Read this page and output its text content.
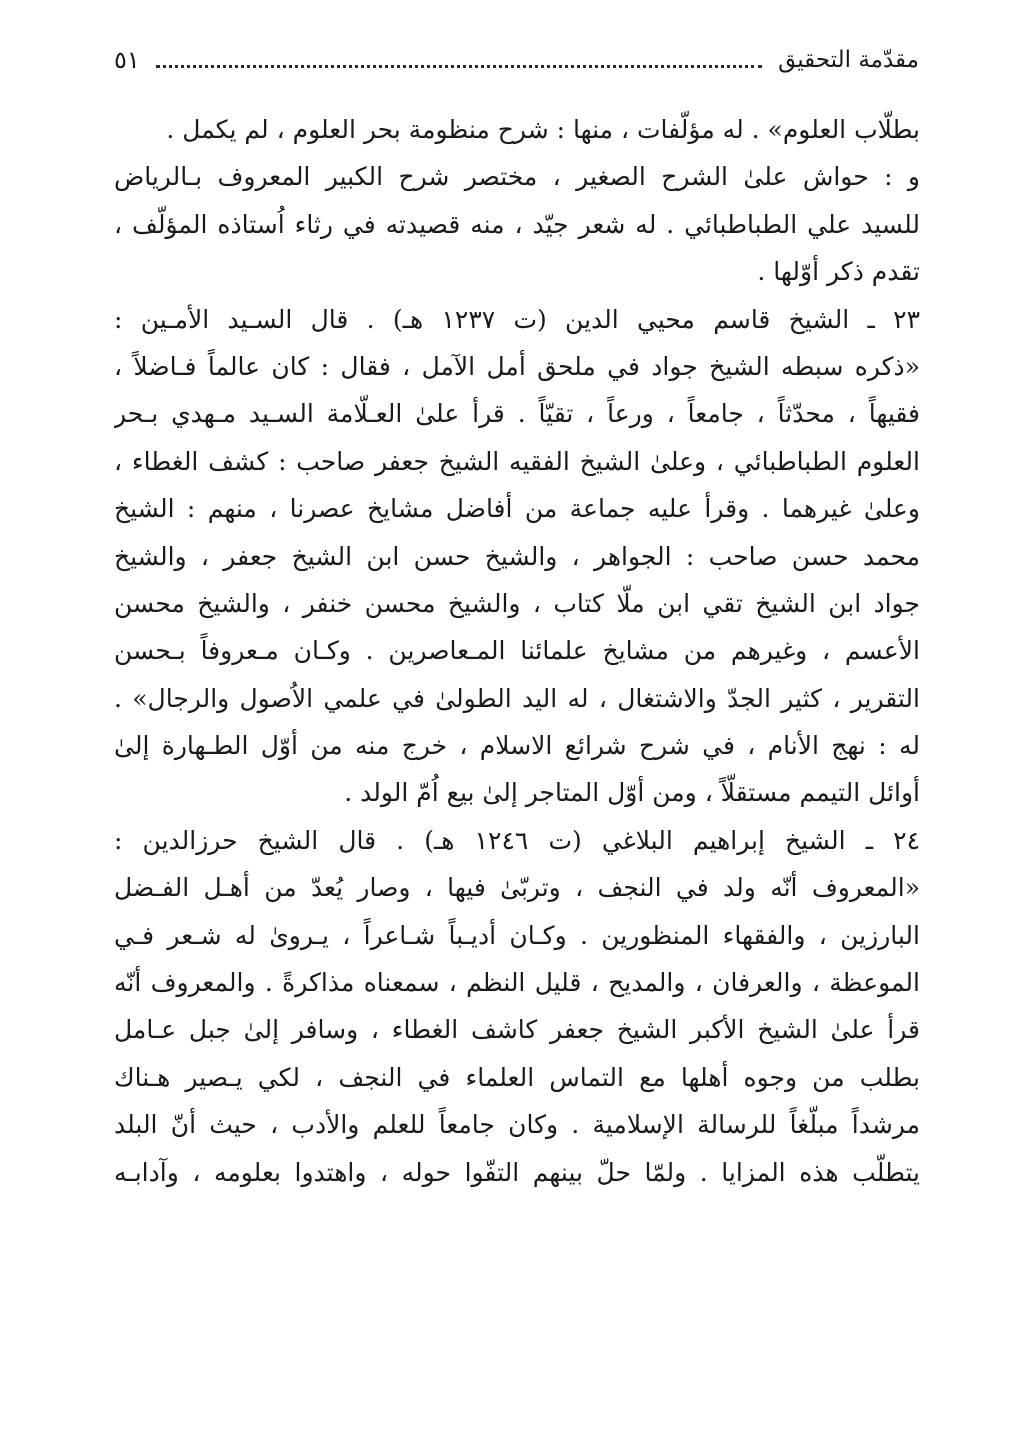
مقدّمة التحقيق
٥١
بطلّاب العلوم» . له مؤلّفات ، منها : شرح منظومة بحر العلوم ، لم يكمل .
و : حواش علىٰ الشرح الصغير ، مختصر شرح الكبير المعروف بـالرياض
للسيد علي الطباطبائي . له شعر جيّد ، منه قصيدته في رثاء اُستاذه المؤلّف ،
تقدم ذكر أوّلها .
٢٣ ـ الشيخ قاسم محيي الدين (ت ١٢٣٧ هـ) . قال السـيد الأمـين :
«ذكره سبطه الشيخ جواد في ملحق أمل الآمل ، فقال : كان عالماً فـاضلاً ،
فقيهاً ، محدّثاً ، جامعاً ، ورعاً ، تقيّاً . قرأ علىٰ العـلّامة السـيد مـهدي بـحر
العلوم الطباطبائي ، وعلىٰ الشيخ الفقيه الشيخ جعفر صاحب : كشف الغطاء ،
وعلىٰ غيرهما . وقرأ عليه جماعة من أفاضل مشايخ عصرنا ، منهم : الشيخ
محمد حسن صاحب : الجواهر ، والشيخ حسن ابن الشيخ جعفر ، والشيخ
جواد ابن الشيخ تقي ابن ملّا كتاب ، والشيخ محسن خنفر ، والشيخ محسن
الأعسم ، وغيرهم من مشايخ علمائنا المـعاصرين . وكـان مـعروفاً بـحسن
التقرير ، كثير الجدّ والاشتغال ، له اليد الطولىٰ في علمي الاُصول والرجال» .
له : نهج الأنام ، في شرح شرائع الاسلام ، خرج منه من أوّل الطـهارة إلىٰ
أوائل التيمم مستقلّاً ، ومن أوّل المتاجر إلىٰ بيع اُمّ الولد .
٢٤ ـ الشيخ إبراهيم البلاغي (ت ١٢٤٦ هـ) . قال الشيخ حرزالدين :
«المعروف أنّه ولد في النجف ، وتربّىٰ فيها ، وصار يُعدّ من أهـل الفـضل
البارزين ، والفقهاء المنظورين . وكـان أديـباً شـاعراً ، يـروىٰ له شـعر فـي
الموعظة ، والعرفان ، والمديح ، قليل النظم ، سمعناه مذاكرةً . والمعروف أنّه
قرأ علىٰ الشيخ الأكبر الشيخ جعفر كاشف الغطاء ، وسافر إلىٰ جبل عـامل
بطلب من وجوه أهلها مع التماس العلماء في النجف ، لكي يـصير هـناك
مرشداً مبلّغاً للرسالة الإسلامية . وكان جامعاً للعلم والأدب ، حيث أنّ البلد
يتطلّب هذه المزايا . ولمّا حلّ بينهم التفّوا حوله ، واهتدوا بعلومه ، وآدابـه
